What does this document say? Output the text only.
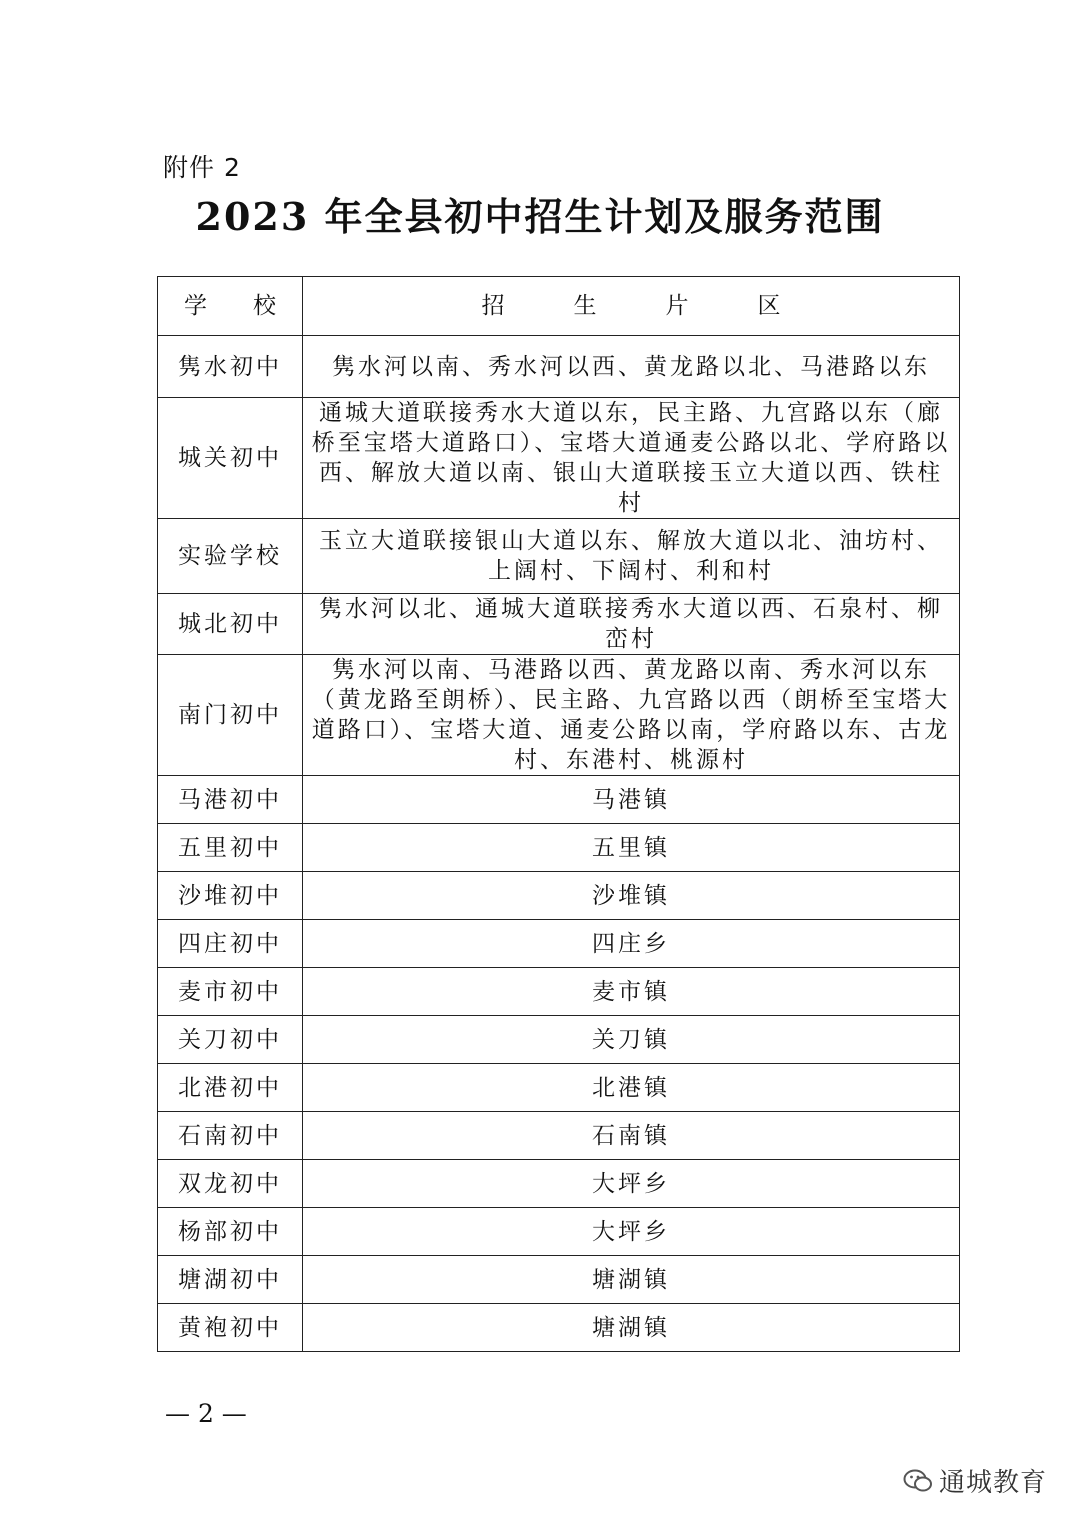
附件 2
2023 年全县初中招生计划及服务范围
学　　校	招　　　生　　　片　　　区
隽水初中	隽水河以南、秀水河以西、黄龙路以北、马港路以东
城关初中	通城大道联接秀水大道以东，民主路、九宫路以东（廊桥至宝塔大道路口）、宝塔大道通麦公路以北、学府路以西、解放大道以南、银山大道联接玉立大道以西、铁柱村
实验学校	玉立大道联接银山大道以东、解放大道以北、油坊村、上阔村、下阔村、利和村
城北初中	隽水河以北、通城大道联接秀水大道以西、石泉村、柳峦村
南门初中	隽水河以南、马港路以西、黄龙路以南、秀水河以东（黄龙路至朗桥）、民主路、九宫路以西（朗桥至宝塔大道路口）、宝塔大道、通麦公路以南，学府路以东、古龙村、东港村、桃源村
马港初中	马港镇
五里初中	五里镇
沙堆初中	沙堆镇
四庄初中	四庄乡
麦市初中	麦市镇
关刀初中	关刀镇
北港初中	北港镇
石南初中	石南镇
双龙初中	大坪乡
杨部初中	大坪乡
塘湖初中	塘湖镇
黄袍初中	塘湖镇
— 2 —
通城教育
